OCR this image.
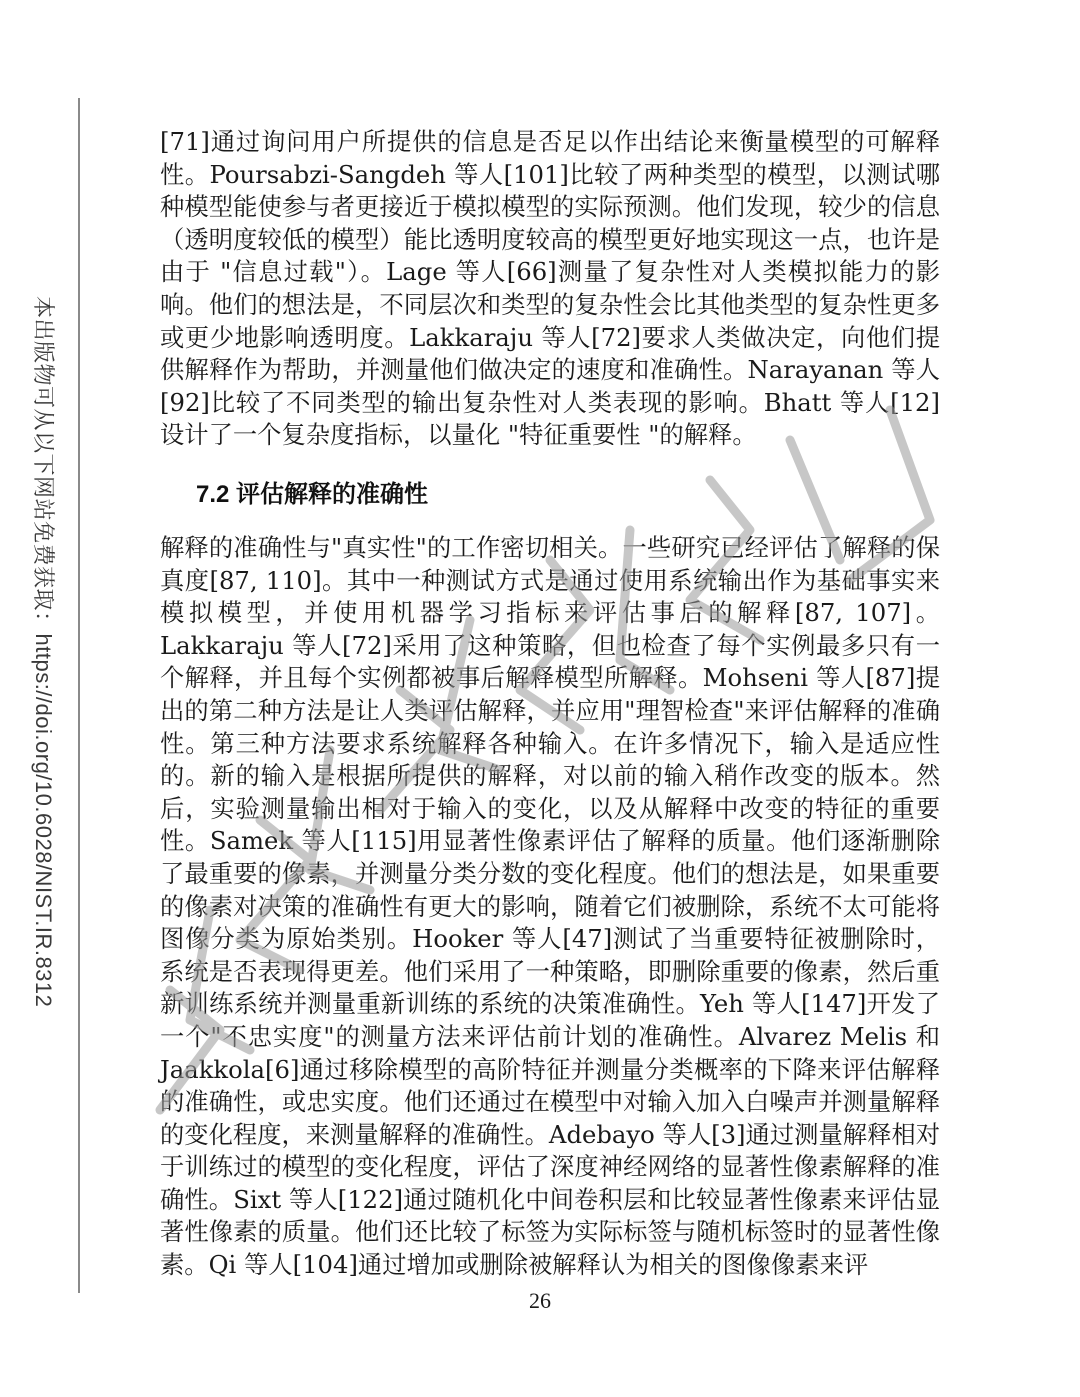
本出版物可从以下网站免费获取：https://doi.org/10.6028/NIST.IR.8312
[71]通过询问用户所提供的信息是否足以作出结论来衡量模型的可解释性。Poursabzi-Sangdeh 等人[101]比较了两种类型的模型，以测试哪种模型能使参与者更接近于模拟模型的实际预测。他们发现，较少的信息（透明度较低的模型）能比透明度较高的模型更好地实现这一点，也许是由于 "信息过载"）。Lage 等人[66]测量了复杂性对人类模拟能力的影响。他们的想法是，不同层次和类型的复杂性会比其他类型的复杂性更多或更少地影响透明度。Lakkaraju 等人[72]要求人类做决定，向他们提供解释作为帮助，并测量他们做决定的速度和准确性。Narayanan 等人[92]比较了不同类型的输出复杂性对人类表现的影响。Bhatt 等人[12]设计了一个复杂度指标，以量化 "特征重要性 "的解释。
7.2 评估解释的准确性
解释的准确性与"真实性"的工作密切相关。一些研究已经评估了解释的保真度[87, 110]。其中一种测试方式是通过使用系统输出作为基础事实来模拟模型，并使用机器学习指标来评估事后的解释[87, 107]。Lakkaraju 等人[72]采用了这种策略，但也检查了每个实例最多只有一个解释，并且每个实例都被事后解释模型所解释。Mohseni 等人[87]提出的第二种方法是让人类评估解释，并应用"理智检查"来评估解释的准确性。第三种方法要求系统解释各种输入。在许多情况下，输入是适应性的。新的输入是根据所提供的解释，对以前的输入稍作改变的版本。然后，实验测量输出相对于输入的变化，以及从解释中改变的特征的重要性。Samek 等人[115]用显著性像素评估了解释的质量。他们逐渐删除了最重要的像素，并测量分类分数的变化程度。他们的想法是，如果重要的像素对决策的准确性有更大的影响，随着它们被删除，系统不太可能将图像分类为原始类别。Hooker 等人[47]测试了当重要特征被删除时，系统是否表现得更差。他们采用了一种策略，即删除重要的像素，然后重新训练系统并测量重新训练的系统的决策准确性。Yeh 等人[147]开发了一个"不忠实度"的测量方法来评估前计划的准确性。Alvarez Melis 和 Jaakkola[6]通过移除模型的高阶特征并测量分类概率的下降来评估解释的准确性，或忠实度。他们还通过在模型中对输入加入白噪声并测量解释的变化程度，来测量解释的准确性。Adebayo 等人[3]通过测量解释相对于训练过的模型的变化程度，评估了深度神经网络的显著性像素解释的准确性。Sixt 等人[122]通过随机化中间卷积层和比较显著性像素来评估显著性像素的质量。他们还比较了标签为实际标签与随机标签时的显著性像素。Qi 等人[104]通过增加或删除被解释认为相关的图像像素来评
26
